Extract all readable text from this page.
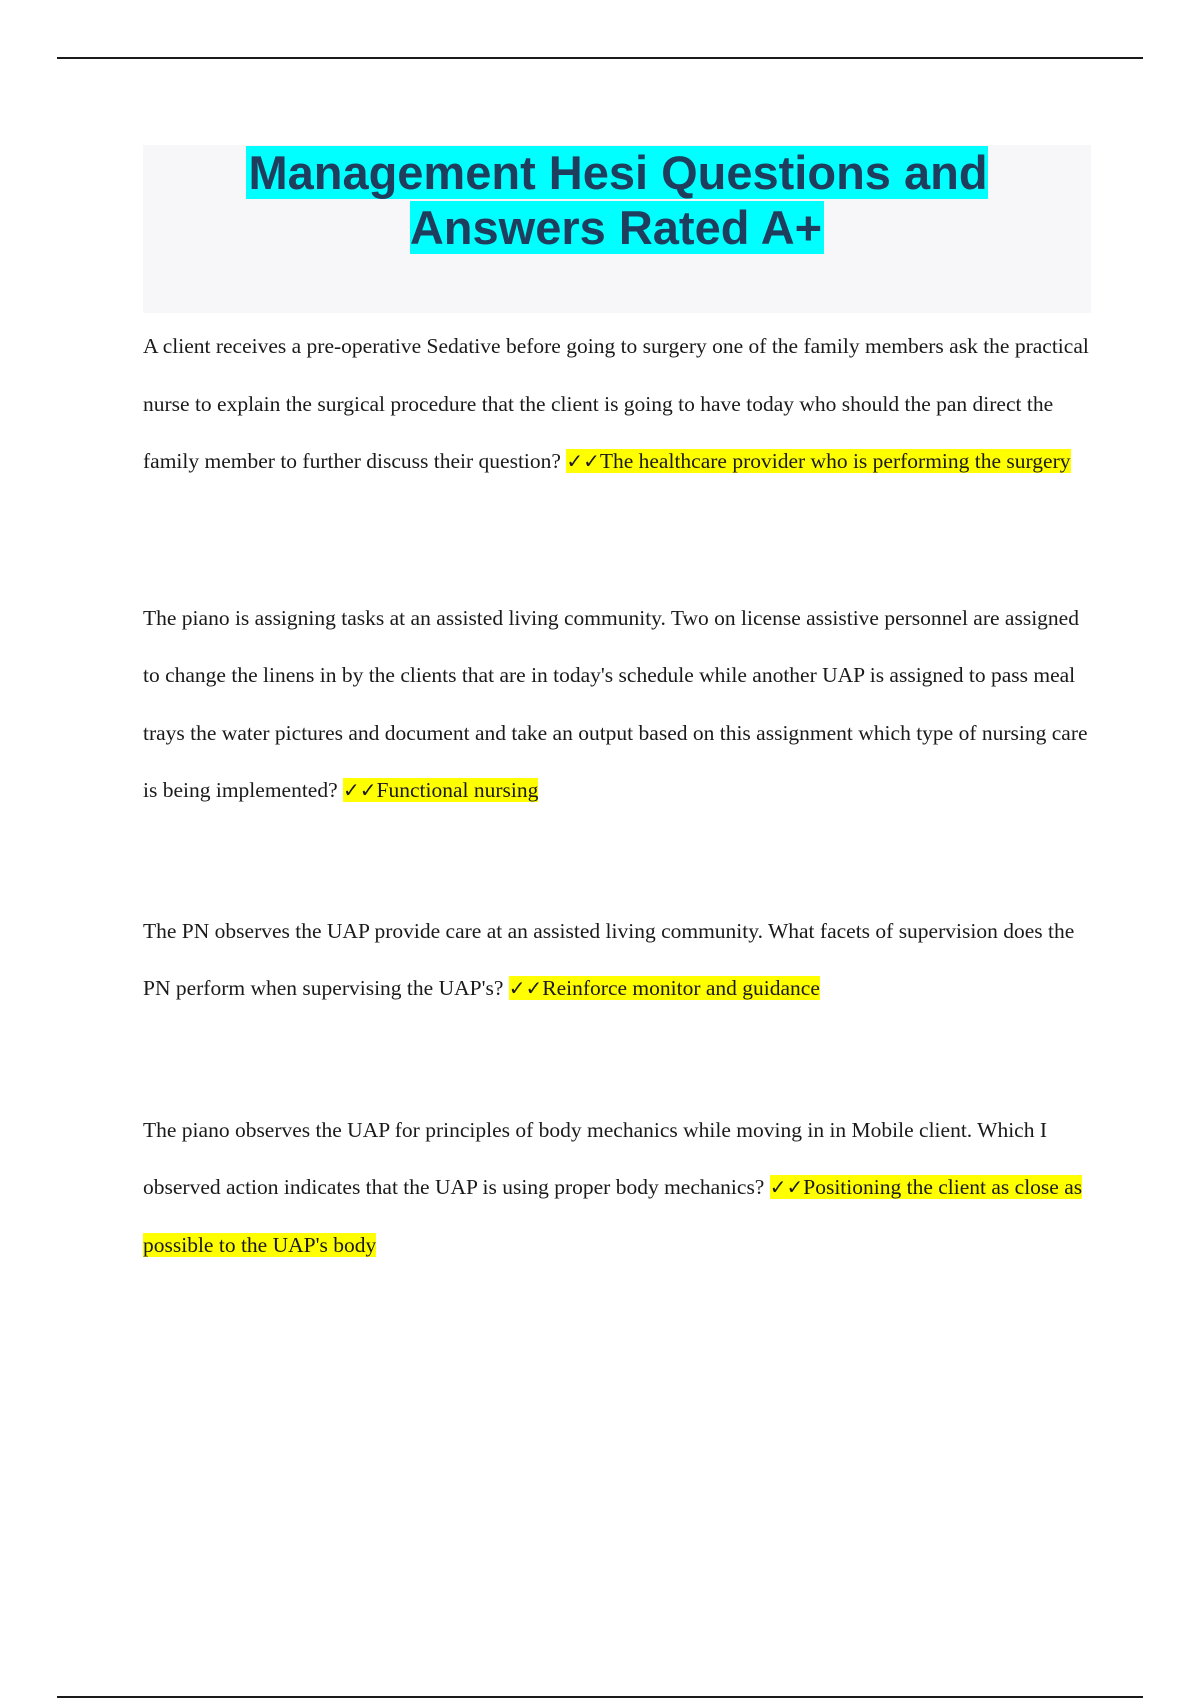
Management Hesi Questions and Answers Rated A+

A client receives a pre-operative Sedative before going to surgery one of the family members ask the practical nurse to explain the surgical procedure that the client is going to have today who should the pan direct the family member to further discuss their question? ✓✓The healthcare provider who is performing the surgery

The piano is assigning tasks at an assisted living community. Two on license assistive personnel are assigned to change the linens in by the clients that are in today's schedule while another UAP is assigned to pass meal trays the water pictures and document and take an output based on this assignment which type of nursing care is being implemented? ✓✓Functional nursing

The PN observes the UAP provide care at an assisted living community. What facets of supervision does the PN perform when supervising the UAP's? ✓✓Reinforce monitor and guidance

The piano observes the UAP for principles of body mechanics while moving in in Mobile client. Which I observed action indicates that the UAP is using proper body mechanics? ✓✓Positioning the client as close as possible to the UAP's body
